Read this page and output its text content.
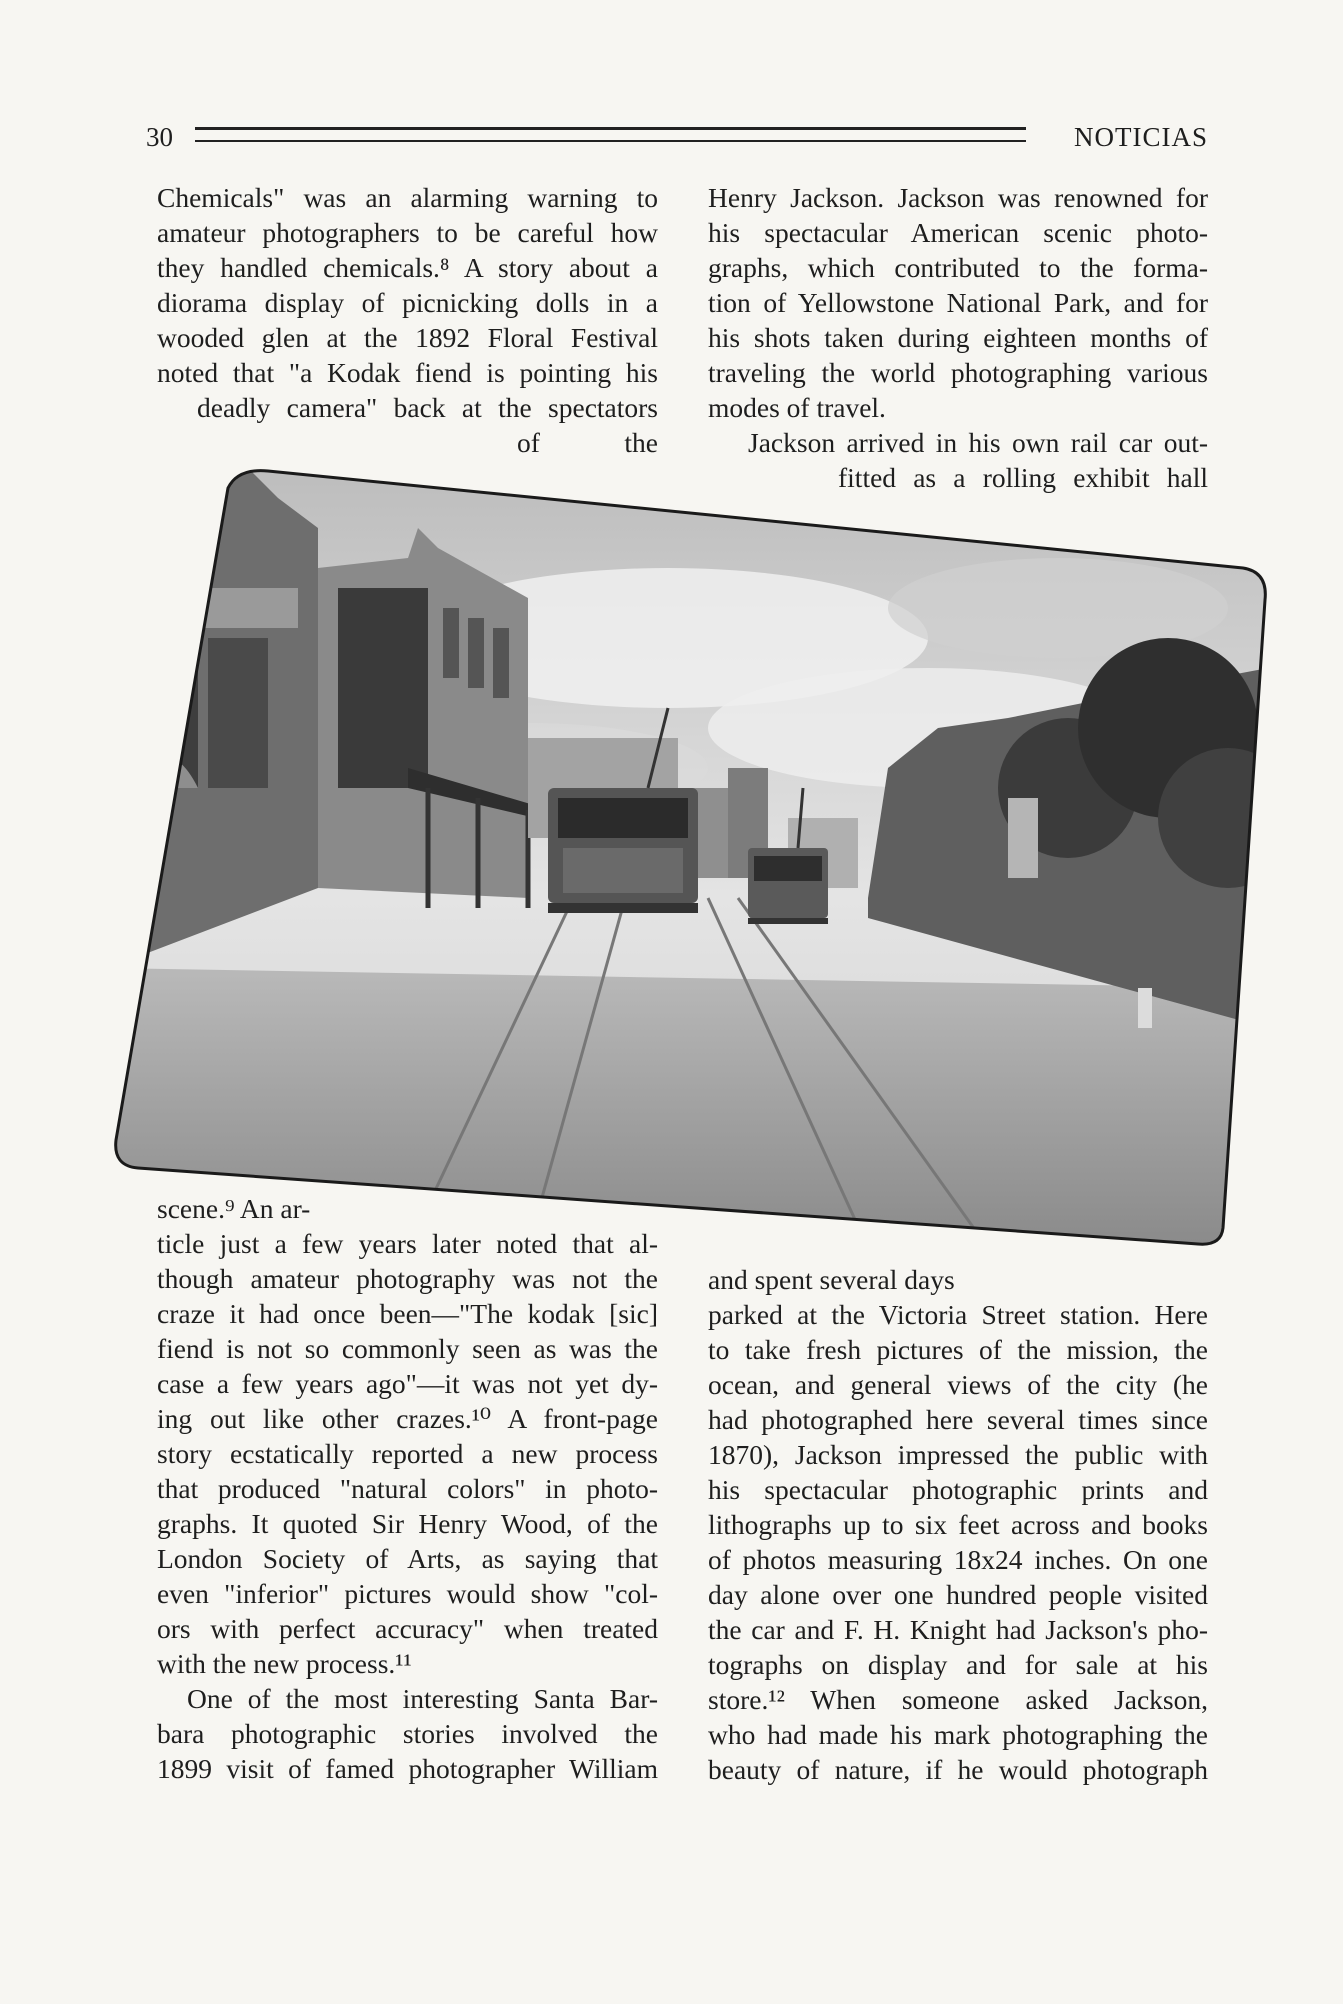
30	NOTICIAS

Chemicals" was an alarming warning to

amateur photographers to be careful how

they handled chemicals.⁸ A story about a

diorama display of picnicking dolls in a

wooded glen at the 1892 Floral Festival

noted that "a Kodak fiend is pointing his

deadly camera" back at the spectators

of the

Henry Jackson. Jackson was renowned for

his spectacular American scenic photo-

graphs, which contributed to the forma-

tion of Yellowstone National Park, and for

his shots taken during eighteen months of

traveling the world photographing various

modes of travel.

Jackson arrived in his own rail car out-

fitted as a rolling exhibit hall

scene.⁹ An ar-

ticle just a few years later noted that al-

though amateur photography was not the

craze it had once been—"The kodak [sic]

fiend is not so commonly seen as was the

case a few years ago"—it was not yet dy-

ing out like other crazes.¹⁰ A front-page

story ecstatically reported a new process

that produced "natural colors" in photo-

graphs. It quoted Sir Henry Wood, of the

London Society of Arts, as saying that

even "inferior" pictures would show "col-

ors with perfect accuracy" when treated

with the new process.¹¹

One of the most interesting Santa Bar-

bara photographic stories involved the

1899 visit of famed photographer William

and spent several days

parked at the Victoria Street station. Here

to take fresh pictures of the mission, the

ocean, and general views of the city (he

had photographed here several times since

1870), Jackson impressed the public with

his spectacular photographic prints and

lithographs up to six feet across and books

of photos measuring 18x24 inches. On one

day alone over one hundred people visited

the car and F. H. Knight had Jackson's pho-

tographs on display and for sale at his

store.¹² When someone asked Jackson,

who had made his mark photographing the

beauty of nature, if he would photograph
